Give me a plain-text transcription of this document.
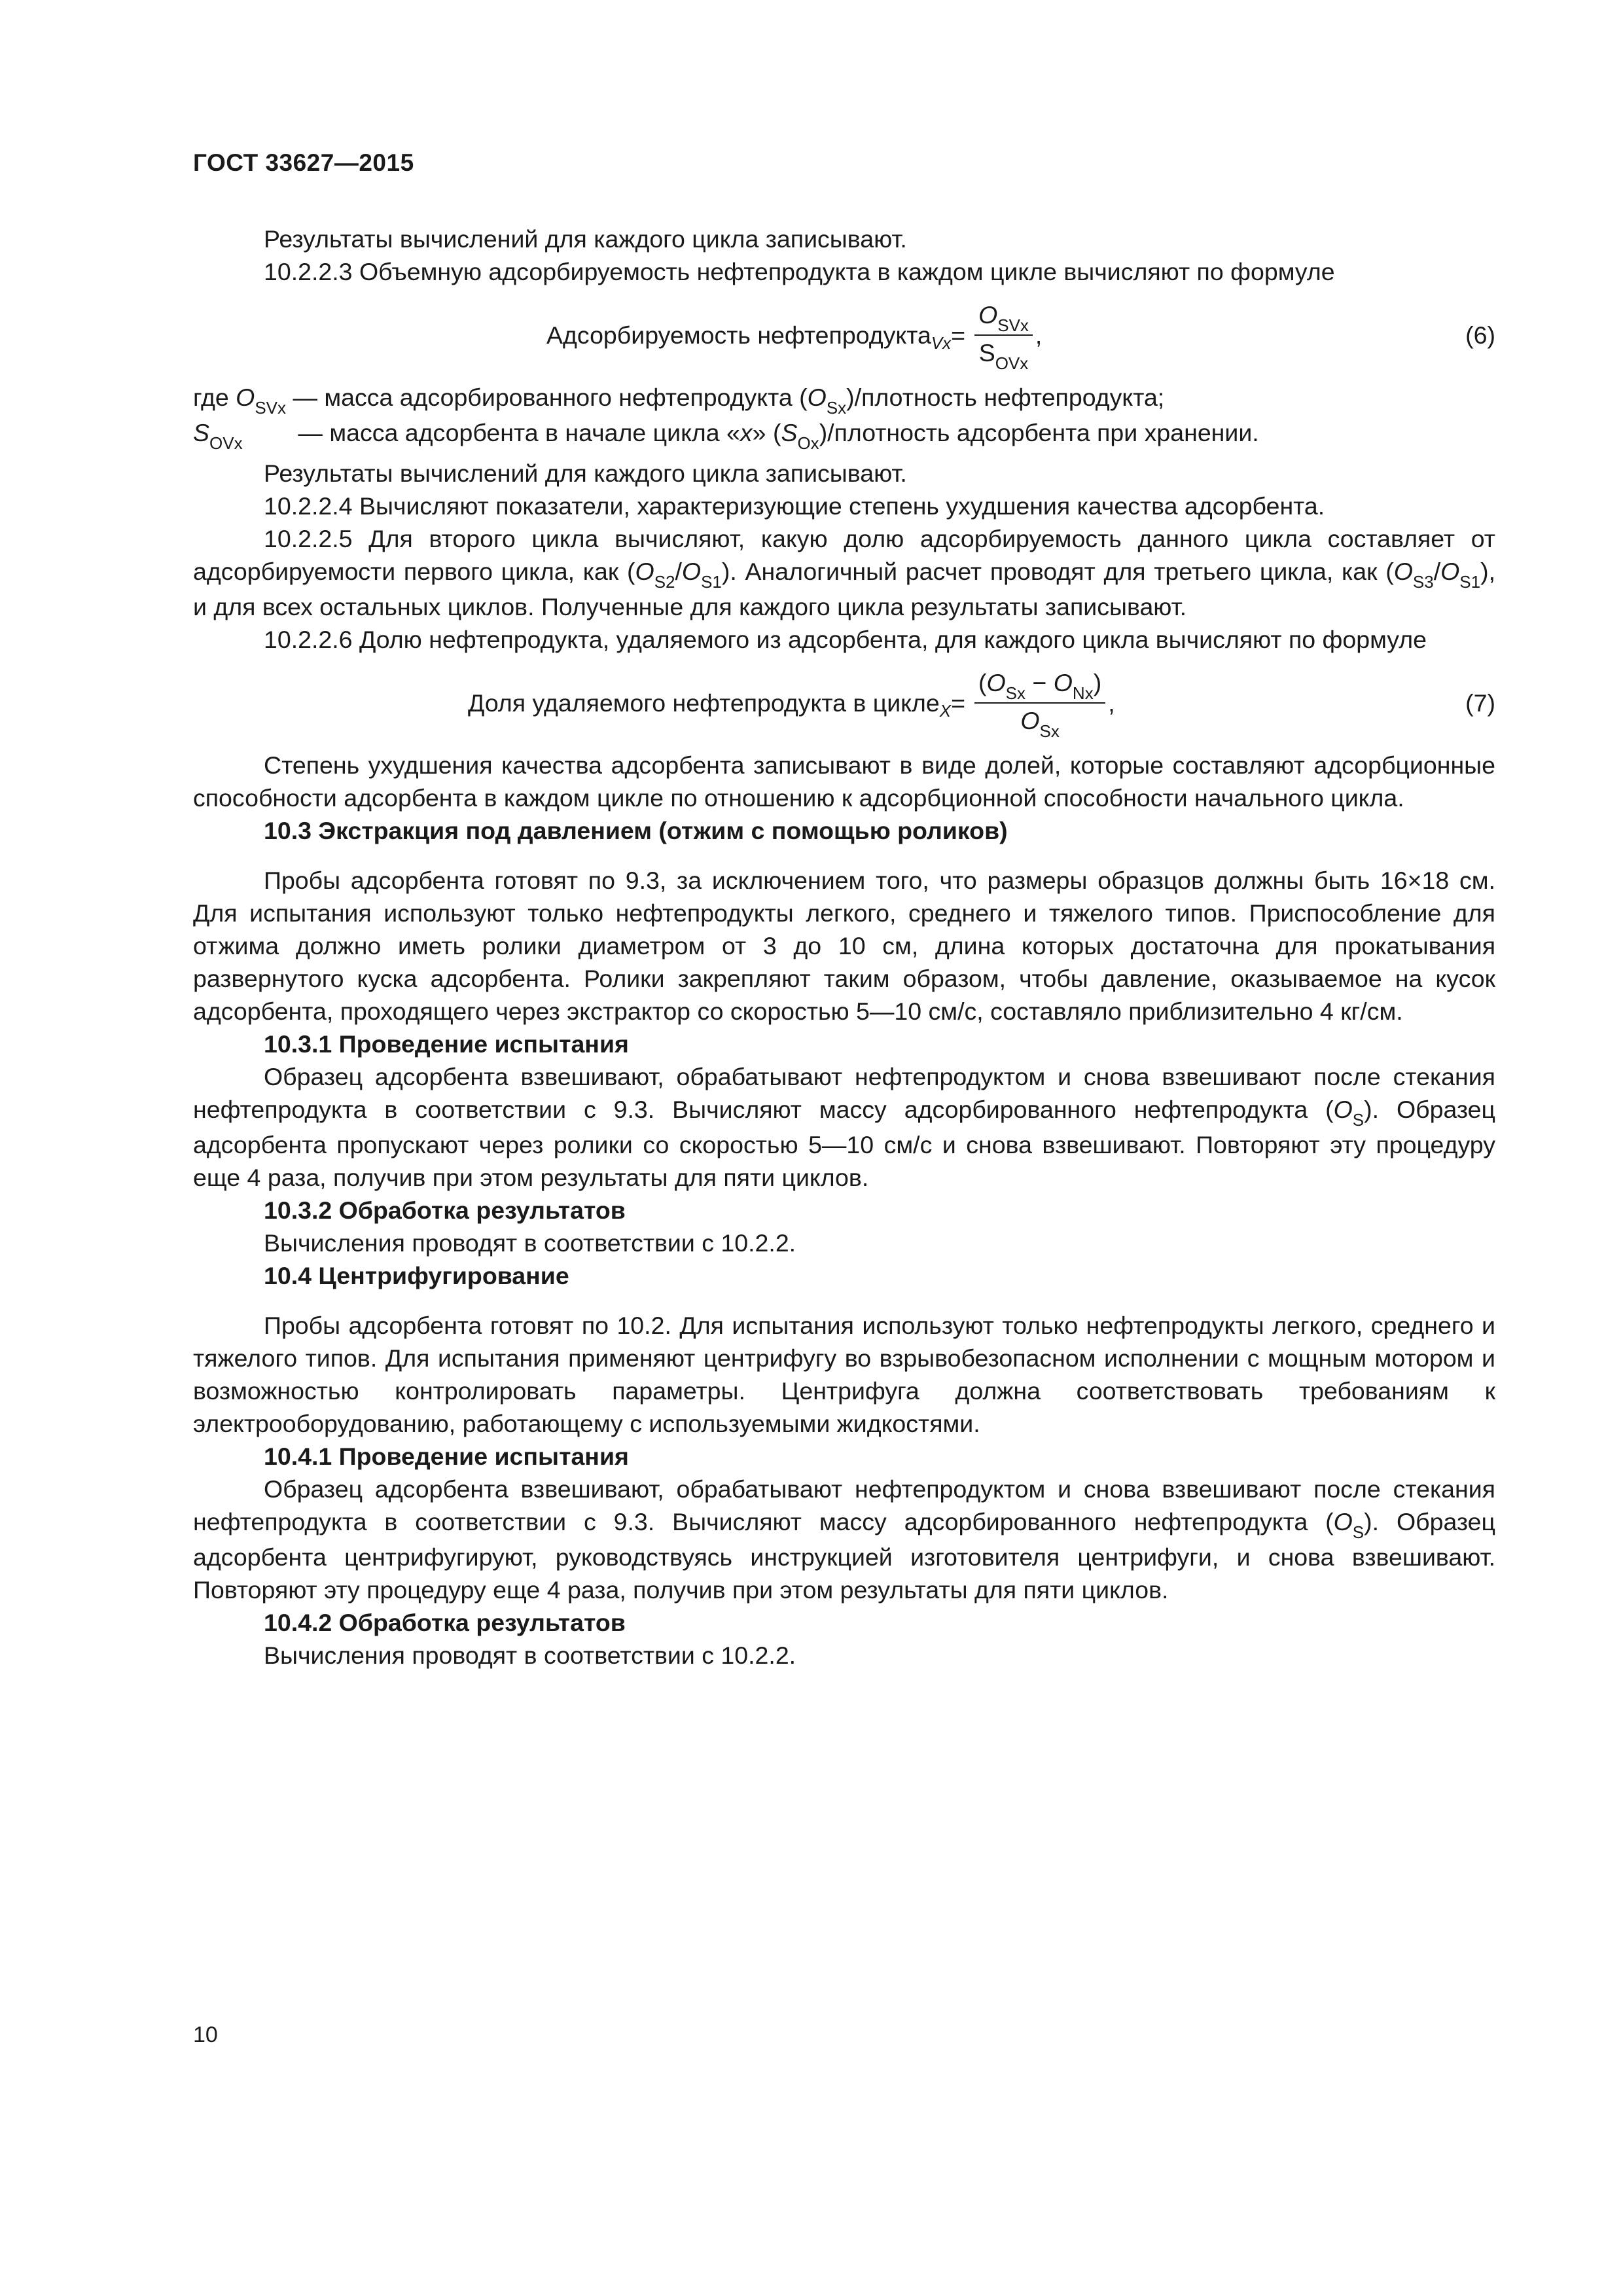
ГОСТ 33627—2015

Результаты вычислений для каждого цикла записывают.

10.2.2.3 Объемную адсорбируемость нефтепродукта в каждом цикле вычисляют по формуле

Адсорбируемость нефтепродукта $Vx = \frac{O_{SVx}}{S_{OVx}}$ ,	(6)

где $O_{SVx}$ — масса адсорбированного нефтепродукта $(O_{Sx})$/плотность нефтепродукта;

$S_{OVx}$ — масса адсорбента в начале цикла «x» $(S_{Ox})$/плотность адсорбента при хранении.

Результаты вычислений для каждого цикла записывают.

10.2.2.4 Вычисляют показатели, характеризующие степень ухудшения качества адсорбента.

10.2.2.5 Для второго цикла вычисляют, какую долю адсорбируемость данного цикла составляет от адсорбируемости первого цикла, как $(O_{S2}/O_{S1})$. Аналогичный расчет проводят для третьего цикла, как $(O_{S3}/O_{S1})$, и для всех остальных циклов. Полученные для каждого цикла результаты записывают.

10.2.2.6 Долю нефтепродукта, удаляемого из адсорбента, для каждого цикла вычисляют по формуле

Доля удаляемого нефтепродукта в цикле $X = \frac{(O_{Sx} - O_{Nx})}{O_{Sx}}$ ,	(7)

Степень ухудшения качества адсорбента записывают в виде долей, которые составляют адсорбционные способности адсорбента в каждом цикле по отношению к адсорбционной способности начального цикла.

10.3 Экстракция под давлением (отжим с помощью роликов)

Пробы адсорбента готовят по 9.3, за исключением того, что размеры образцов должны быть 16×18 см. Для испытания используют только нефтепродукты легкого, среднего и тяжелого типов. Приспособление для отжима должно иметь ролики диаметром от 3 до 10 см, длина которых достаточна для прокатывания развернутого куска адсорбента. Ролики закрепляют таким образом, чтобы давление, оказываемое на кусок адсорбента, проходящего через экстрактор со скоростью 5—10 см/с, составляло приблизительно 4 кг/см.

10.3.1 Проведение испытания

Образец адсорбента взвешивают, обрабатывают нефтепродуктом и снова взвешивают после стекания нефтепродукта в соответствии с 9.3. Вычисляют массу адсорбированного нефтепродукта $(O_S)$. Образец адсорбента пропускают через ролики со скоростью 5—10 см/с и снова взвешивают. Повторяют эту процедуру еще 4 раза, получив при этом результаты для пяти циклов.

10.3.2 Обработка результатов

Вычисления проводят в соответствии с 10.2.2.

10.4 Центрифугирование

Пробы адсорбента готовят по 10.2. Для испытания используют только нефтепродукты легкого, среднего и тяжелого типов. Для испытания применяют центрифугу во взрывобезопасном исполнении с мощным мотором и возможностью контролировать параметры. Центрифуга должна соответствовать требованиям к электрооборудованию, работающему с используемыми жидкостями.

10.4.1 Проведение испытания

Образец адсорбента взвешивают, обрабатывают нефтепродуктом и снова взвешивают после стекания нефтепродукта в соответствии с 9.3. Вычисляют массу адсорбированного нефтепродукта $(O_S)$. Образец адсорбента центрифугируют, руководствуясь инструкцией изготовителя центрифуги, и снова взвешивают. Повторяют эту процедуру еще 4 раза, получив при этом результаты для пяти циклов.

10.4.2 Обработка результатов

Вычисления проводят в соответствии с 10.2.2.

10
